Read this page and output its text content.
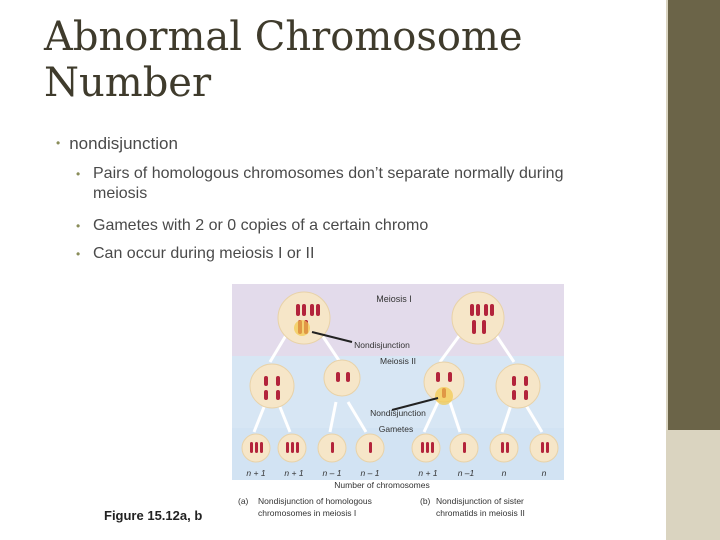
Abnormal Chromosome
Number
• nondisjunction
• Pairs of homologous chromosomes don’t separate normally during meiosis
• Gametes with 2 or 0 copies of a certain chromo
• Can occur during meiosis I or II
Meiosis I
Nondisjunction
Meiosis II
Nondisjunction
Gametes
n + 1 n + 1 n – 1 n – 1	n + 1 n –1	n	n
Number of chromosomes
(a) Nondisjunction of homologous
chromosomes in meiosis I
(b) Nondisjunction of sister
chromatids in meiosis II
Figure 15.12a, b
